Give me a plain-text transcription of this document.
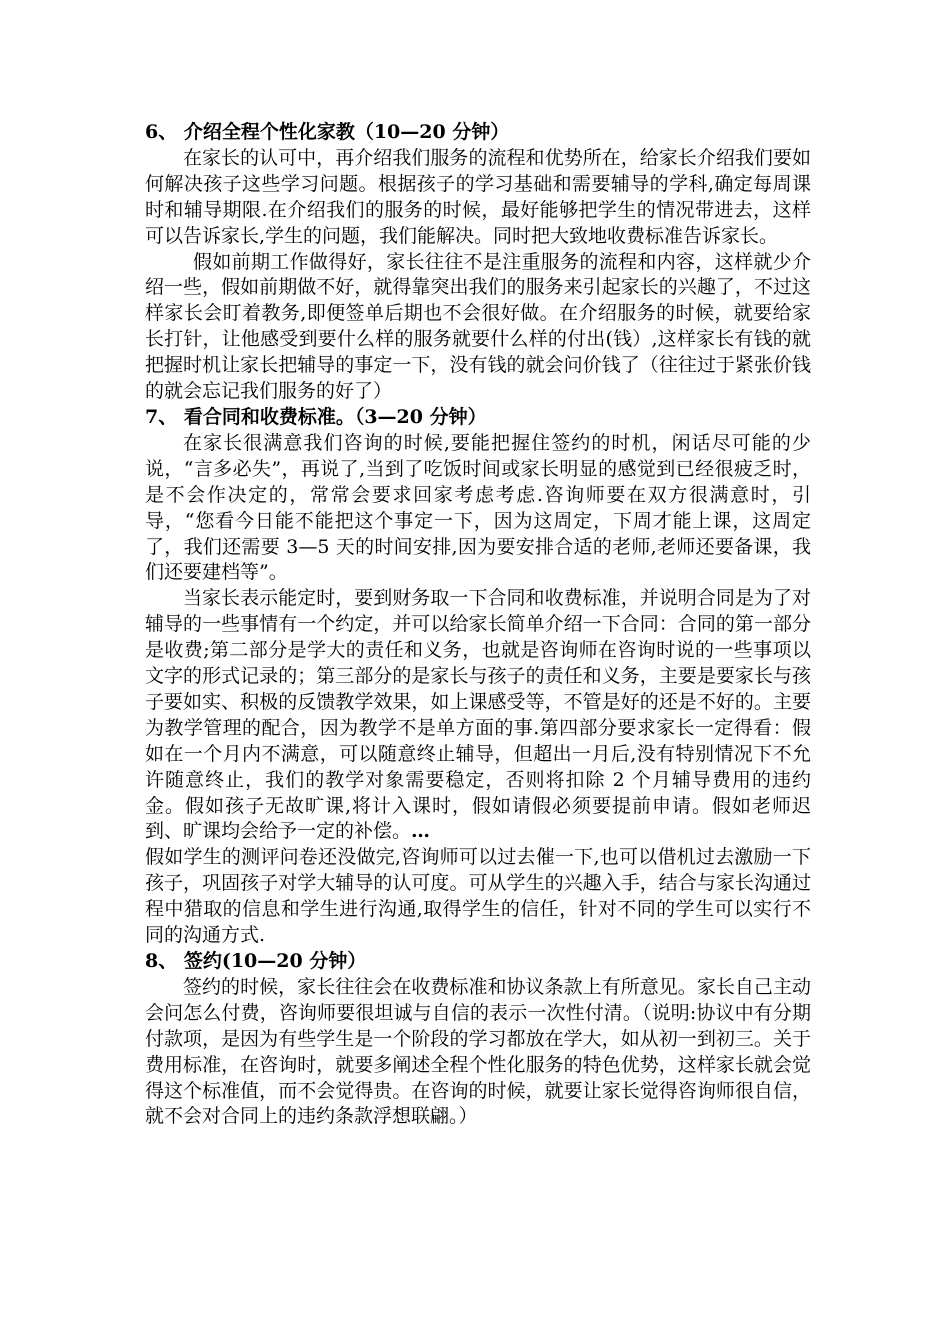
6、 介绍全程个性化家教（10—20 分钟）

在家长的认可中，再介绍我们服务的流程和优势所在，给家长介绍我们要如何解决孩子这些学习问题。根据孩子的学习基础和需要辅导的学科,确定每周课时和辅导期限.在介绍我们的服务的时候，最好能够把学生的情况带进去，这样可以告诉家长,学生的问题，我们能解决。同时把大致地收费标准告诉家长。

假如前期工作做得好，家长往往不是注重服务的流程和内容，这样就少介绍一些，假如前期做不好，就得靠突出我们的服务来引起家长的兴趣了，不过这样家长会盯着教务,即便签单后期也不会很好做。在介绍服务的时候，就要给家长打针，让他感受到要什么样的服务就要什么样的付出(钱）,这样家长有钱的就把握时机让家长把辅导的事定一下，没有钱的就会问价钱了（往往过于紧张价钱的就会忘记我们服务的好了）

7、 看合同和收费标准。（3—20 分钟）

在家长很满意我们咨询的时候,要能把握住签约的时机，闲话尽可能的少说，“言多必失”，再说了,当到了吃饭时间或家长明显的感觉到已经很疲乏时，是不会作决定的，常常会要求回家考虑考虑.咨询师要在双方很满意时，引导，“您看今日能不能把这个事定一下，因为这周定，下周才能上课，这周定了，我们还需要 3—5 天的时间安排,因为要安排合适的老师,老师还要备课，我们还要建档等”。

当家长表示能定时，要到财务取一下合同和收费标准，并说明合同是为了对辅导的一些事情有一个约定，并可以给家长简单介绍一下合同：合同的第一部分是收费;第二部分是学大的责任和义务，也就是咨询师在咨询时说的一些事项以文字的形式记录的；第三部分的是家长与孩子的责任和义务，主要是要家长与孩子要如实、积极的反馈教学效果，如上课感受等，不管是好的还是不好的。主要为教学管理的配合，因为教学不是单方面的事.第四部分要求家长一定得看：假如在一个月内不满意，可以随意终止辅导，但超出一月后,没有特别情况下不允许随意终止，我们的教学对象需要稳定，否则将扣除 2 个月辅导费用的违约金。假如孩子无故旷课,将计入课时，假如请假必须要提前申请。假如老师迟到、旷课均会给予一定的补偿。…

假如学生的测评问卷还没做完,咨询师可以过去催一下,也可以借机过去激励一下孩子，巩固孩子对学大辅导的认可度。可从学生的兴趣入手，结合与家长沟通过程中猎取的信息和学生进行沟通,取得学生的信任，针对不同的学生可以实行不同的沟通方式.

8、 签约(10—20 分钟）

签约的时候，家长往往会在收费标准和协议条款上有所意见。家长自己主动会问怎么付费，咨询师要很坦诚与自信的表示一次性付清。（说明:协议中有分期付款项，是因为有些学生是一个阶段的学习都放在学大，如从初一到初三。关于费用标准，在咨询时，就要多阐述全程个性化服务的特色优势，这样家长就会觉得这个标准值，而不会觉得贵。在咨询的时候，就要让家长觉得咨询师很自信，就不会对合同上的违约条款浮想联翩。）
